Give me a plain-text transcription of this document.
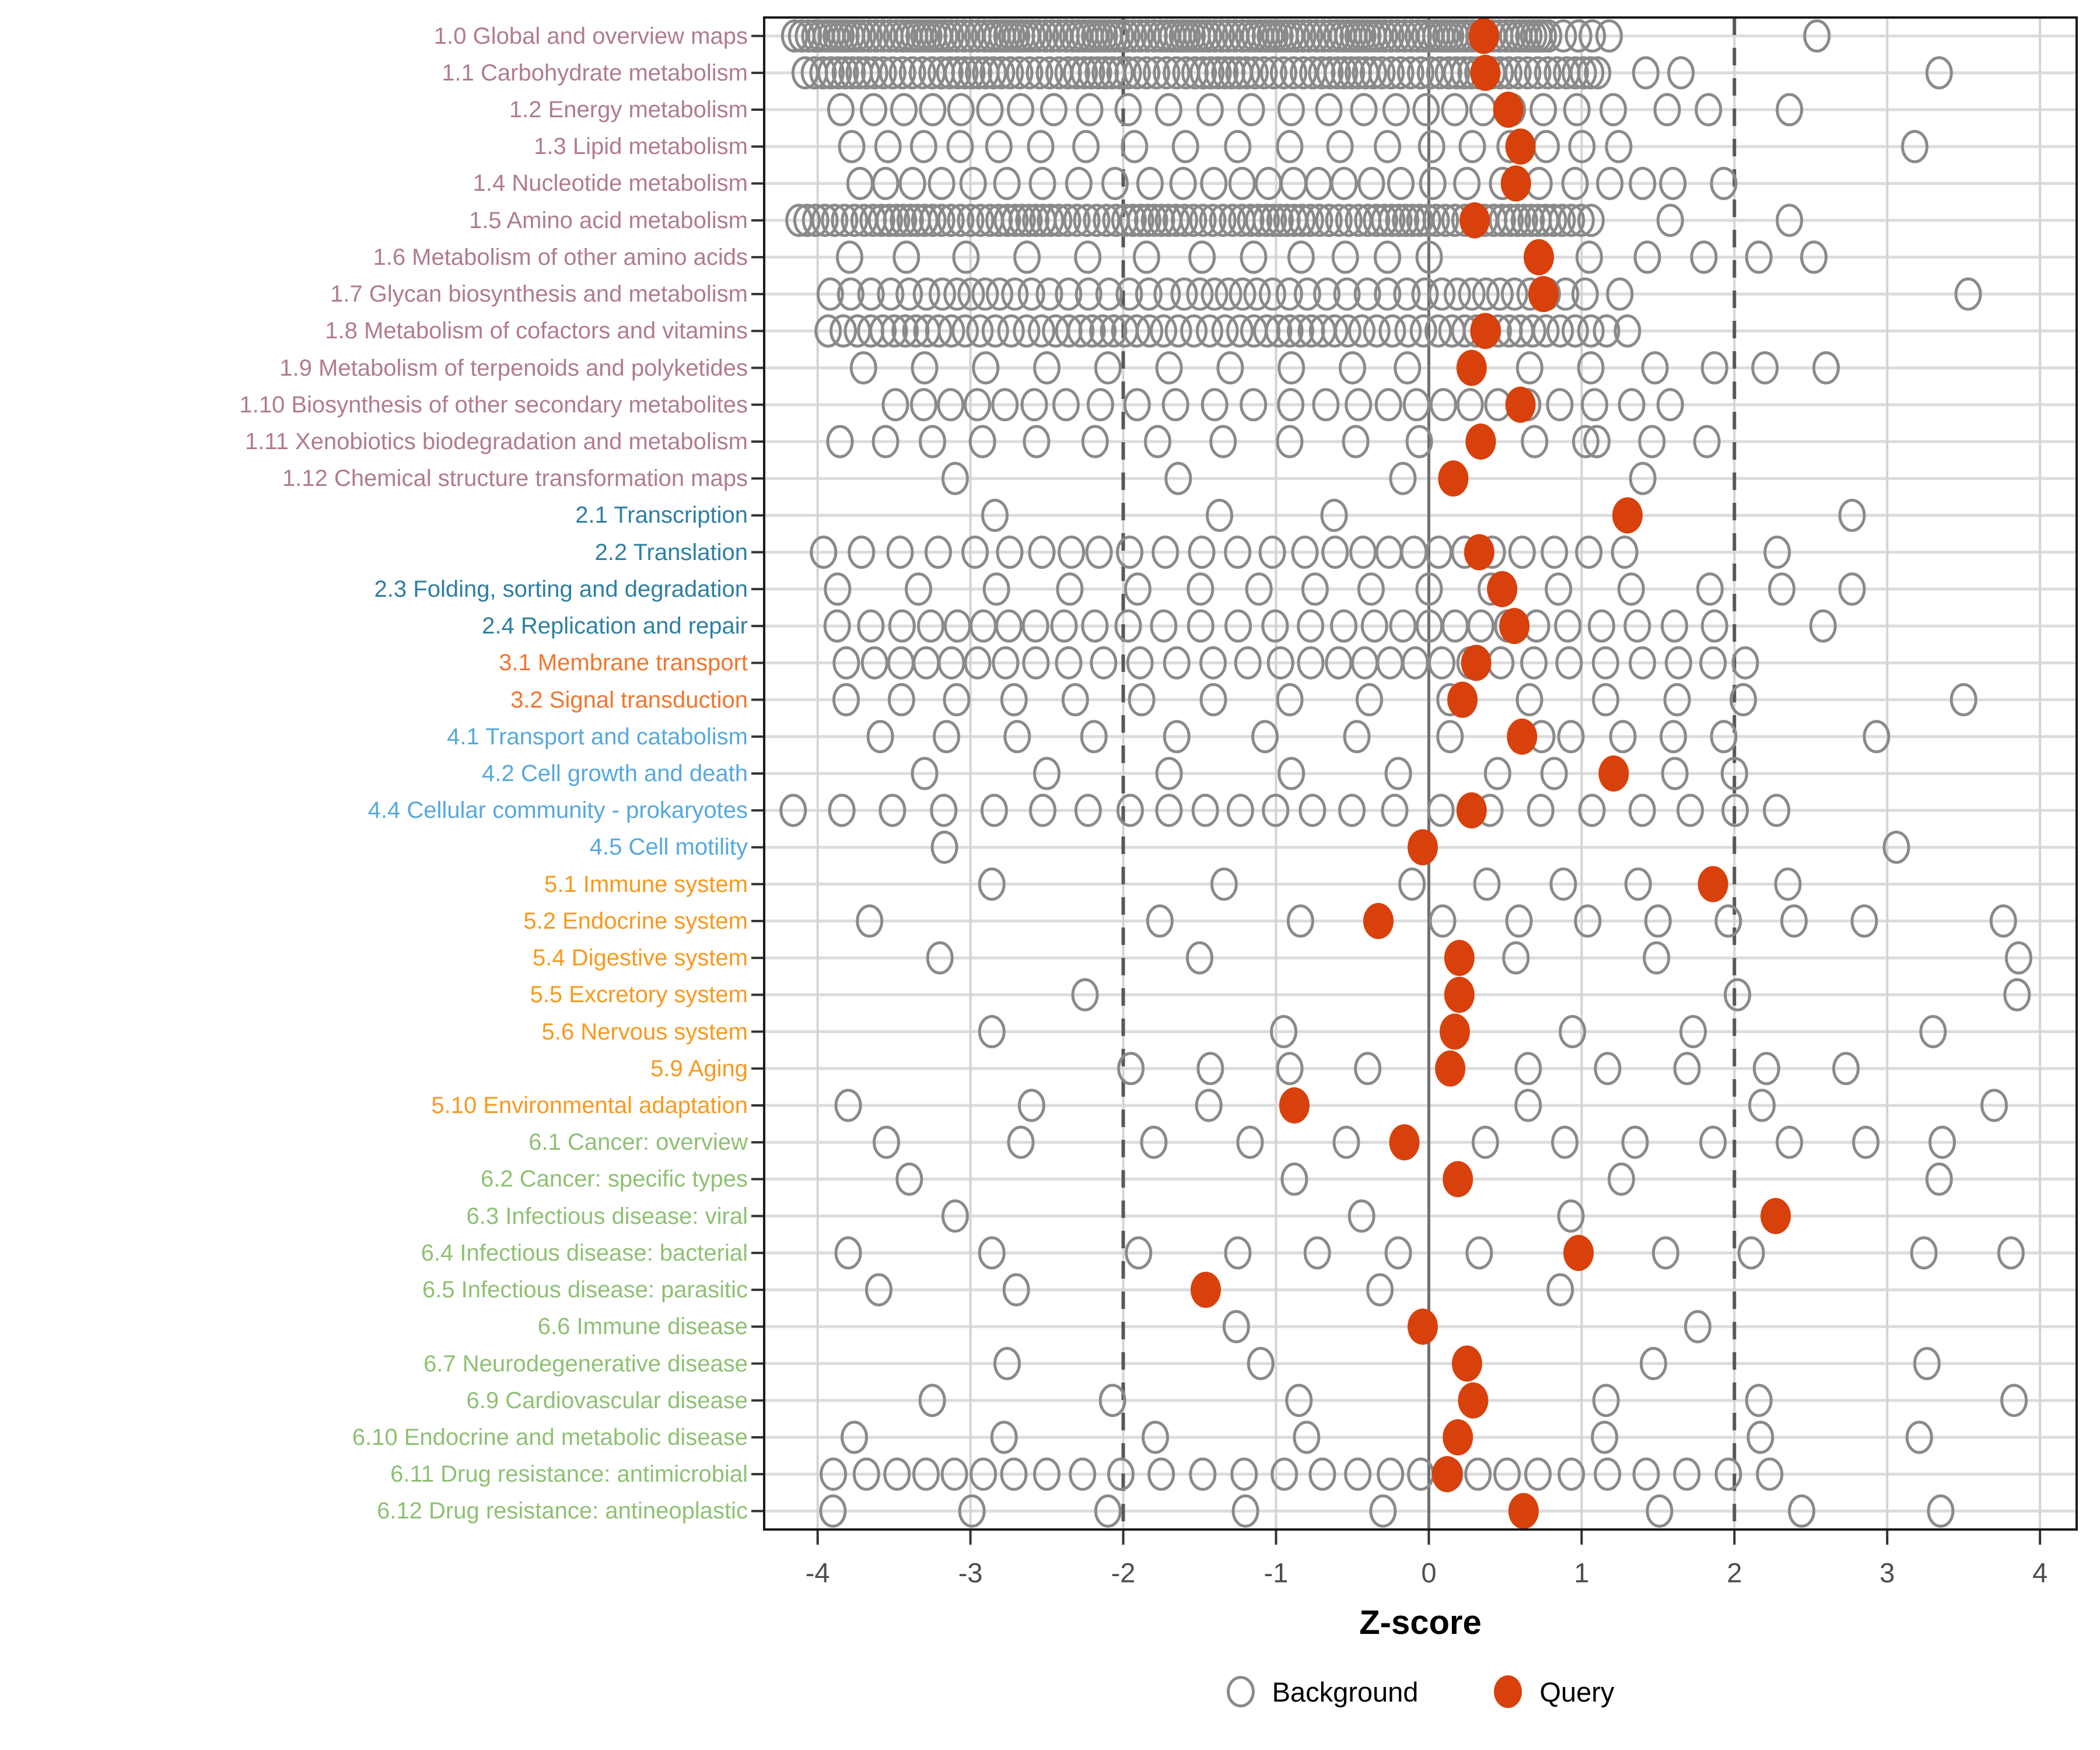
1.0 Global and overview maps
1.1 Carbohydrate metabolism
1.2 Energy metabolism
1.3 Lipid metabolism
1.4 Nucleotide metabolism
1.5 Amino acid metabolism
1.6 Metabolism of other amino acids
1.7 Glycan biosynthesis and metabolism
1.8 Metabolism of cofactors and vitamins
1.9 Metabolism of terpenoids and polyketides
1.10 Biosynthesis of other secondary metabolites
1.11 Xenobiotics biodegradation and metabolism
1.12 Chemical structure transformation maps
2.1 Transcription
2.2 Translation
2.3 Folding, sorting and degradation
2.4 Replication and repair
3.1 Membrane transport
3.2 Signal transduction
4.1 Transport and catabolism
4.2 Cell growth and death
4.4 Cellular community - prokaryotes
4.5 Cell motility
5.1 Immune system
5.2 Endocrine system
5.4 Digestive system
5.5 Excretory system
5.6 Nervous system
5.9 Aging
5.10 Environmental adaptation
6.1 Cancer: overview
6.2 Cancer: specific types
6.3 Infectious disease: viral
6.4 Infectious disease: bacterial
6.5 Infectious disease: parasitic
6.6 Immune disease
6.7 Neurodegenerative disease
6.9 Cardiovascular disease
6.10 Endocrine and metabolic disease
6.11 Drug resistance: antimicrobial
6.12 Drug resistance: antineoplastic
-4	-3	-2	-1	0	1	2	3	4
Z-score
Background	Query
